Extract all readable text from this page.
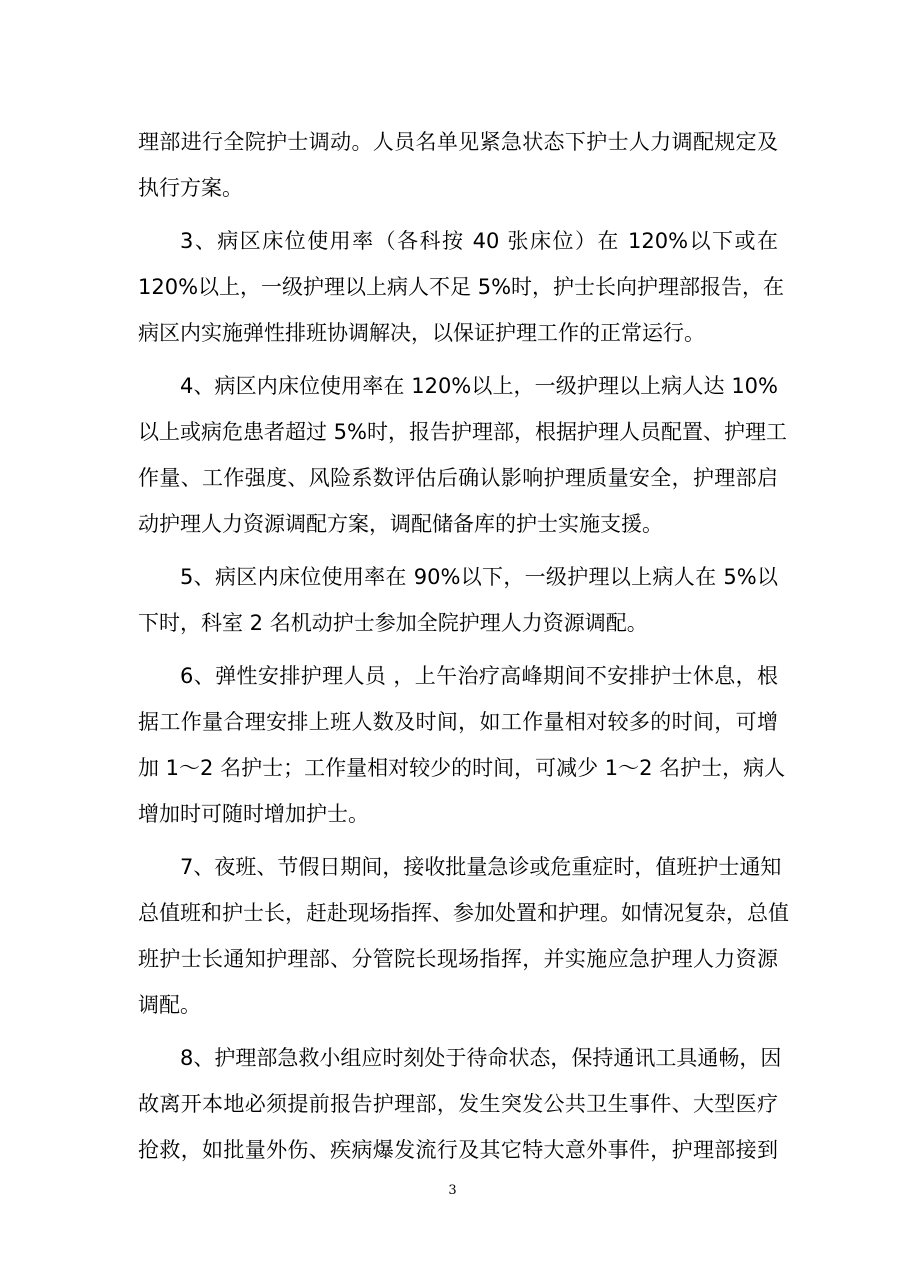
理部进行全院护士调动。人员名单见紧急状态下护士人力调配规定及
执行方案。
3、病区床位使用率（各科按 40 张床位）在 120%以下或在
120%以上，一级护理以上病人不足 5%时，护士长向护理部报告，在
病区内实施弹性排班协调解决，以保证护理工作的正常运行。
4、病区内床位使用率在 120%以上，一级护理以上病人达 10%
以上或病危患者超过 5%时，报告护理部，根据护理人员配置、护理工
作量、工作强度、风险系数评估后确认影响护理质量安全，护理部启
动护理人力资源调配方案，调配储备库的护士实施支援。
5、病区内床位使用率在 90%以下，一级护理以上病人在 5%以
下时，科室 2 名机动护士参加全院护理人力资源调配。
6、弹性安排护理人员 ，上午治疗高峰期间不安排护士休息，根
据工作量合理安排上班人数及时间，如工作量相对较多的时间，可增
加 1～2 名护士；工作量相对较少的时间，可减少 1～2 名护士，病人
增加时可随时增加护士。
7、夜班、节假日期间，接收批量急诊或危重症时，值班护士通知
总值班和护士长，赶赴现场指挥、参加处置和护理。如情况复杂，总值
班护士长通知护理部、分管院长现场指挥，并实施应急护理人力资源
调配。
8、护理部急救小组应时刻处于待命状态，保持通讯工具通畅，因
故离开本地必须提前报告护理部，发生突发公共卫生事件、大型医疗
抢救，如批量外伤、疾病爆发流行及其它特大意外事件，护理部接到
3
